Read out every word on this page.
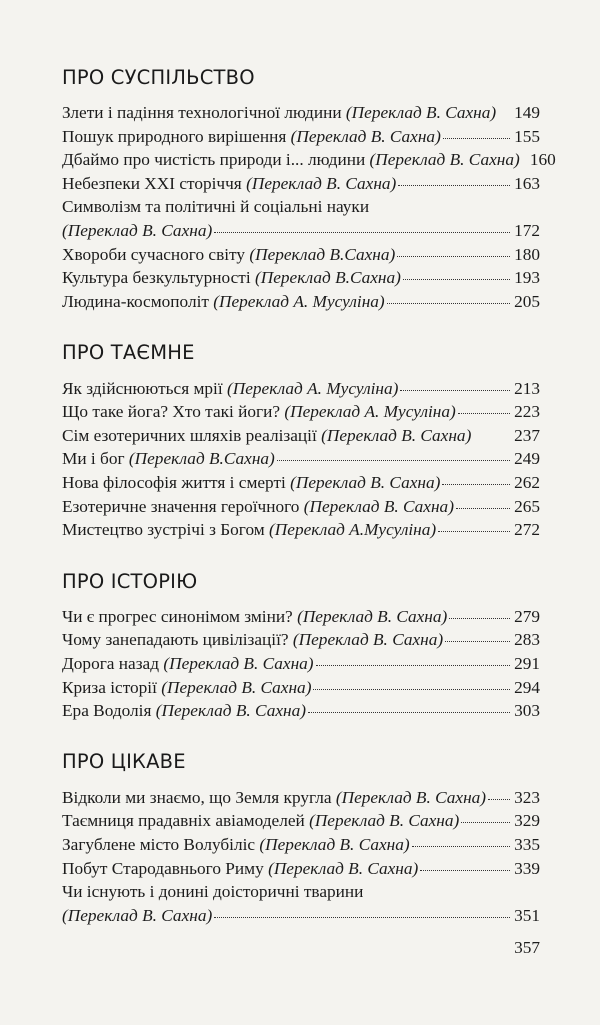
ПРО СУСПІЛЬСТВО
Злети і падіння технологічної людини (Переклад В. Сахна) 149
Пошук природного вирішення (Переклад В. Сахна)	155
Дбаймо про чистість природи і... людини (Переклад В. Сахна) 160
Небезпеки XXI сторіччя (Переклад В. Сахна)	163
Символізм та політичні й соціальні науки
(Переклад В. Сахна)	172
Хвороби сучасного світу (Переклад В.Сахна)	180
Культура безкультурності (Переклад В.Сахна)	193
Людина-космополіт (Переклад А. Мусуліна)	205
ПРО ТАЄМНЕ
Як здійснюються мрії (Переклад А. Мусуліна)	213
Що таке йога? Хто такі йоги? (Переклад А. Мусуліна)	223
Сім езотеричних шляхів реалізації (Переклад В. Сахна) 237
Ми і бог (Переклад В.Сахна)	249
Нова філософія життя і смерті (Переклад В. Сахна)	262
Езотеричне значення героїчного (Переклад В. Сахна)	265
Мистецтво зустрічі з Богом (Переклад А.Мусуліна)	272
ПРО ІСТОРІЮ
Чи є прогрес синонімом зміни? (Переклад В. Сахна)	279
Чому занепадають цивілізації? (Переклад В. Сахна)	283
Дорога назад (Переклад В. Сахна)	291
Криза історії (Переклад В. Сахна)	294
Ера Водолія (Переклад В. Сахна)	303
ПРО ЦІКАВЕ
Відколи ми знаємо, що Земля кругла (Переклад В. Сахна) 323
Таємниця прадавніх авіамоделей (Переклад В. Сахна)	329
Загублене місто Волубіліс (Переклад В. Сахна)	335
Побут Стародавнього Риму (Переклад В. Сахна)	339
Чи існують і донині доісторичні тварини
(Переклад В. Сахна)	351
357
